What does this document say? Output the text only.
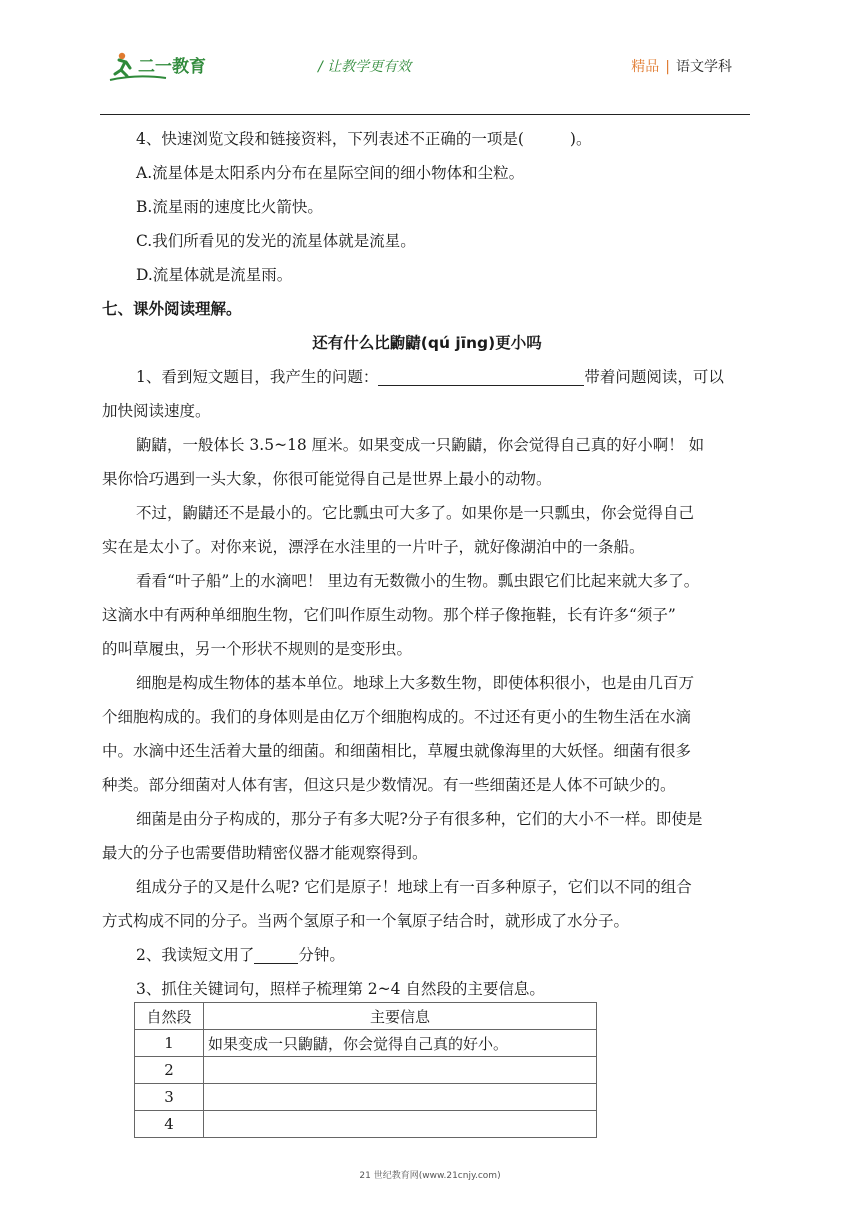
二一教育	/ 让教学更有效	精品 | 语文学科
4、快速浏览文段和链接资料，下列表述不正确的一项是(	)。
A.流星体是太阳系内分布在星际空间的细小物体和尘粒。
B.流星雨的速度比火箭快。
C.我们所看见的发光的流星体就是流星。
D.流星体就是流星雨。
七、课外阅读理解。
还有什么比鼩鼱(qú jīng)更小吗
1、看到短文题目，我产生的问题：	带着问题阅读，可以
加快阅读速度。
鼩鼱，一般体长 3.5~18 厘米。如果变成一只鼩鼱，你会觉得自己真的好小啊！ 如
果你恰巧遇到一头大象，你很可能觉得自己是世界上最小的动物。
不过，鼩鼱还不是最小的。它比瓢虫可大多了。如果你是一只瓢虫，你会觉得自己
实在是太小了。对你来说，漂浮在水洼里的一片叶子，就好像湖泊中的一条船。
看看“叶子船”上的水滴吧！ 里边有无数微小的生物。瓢虫跟它们比起来就大多了。
这滴水中有两种单细胞生物，它们叫作原生动物。那个样子像拖鞋，长有许多“须子”
的叫草履虫，另一个形状不规则的是变形虫。
细胞是构成生物体的基本单位。地球上大多数生物，即使体积很小，也是由几百万
个细胞构成的。我们的身体则是由亿万个细胞构成的。不过还有更小的生物生活在水滴
中。水滴中还生活着大量的细菌。和细菌相比，草履虫就像海里的大妖怪。细菌有很多
种类。部分细菌对人体有害，但这只是少数情况。有一些细菌还是人体不可缺少的。
细菌是由分子构成的，那分子有多大呢?分子有很多种，它们的大小不一样。即使是
最大的分子也需要借助精密仪器才能观察得到。
组成分子的又是什么呢? 它们是原子！地球上有一百多种原子，它们以不同的组合
方式构成不同的分子。当两个氢原子和一个氧原子结合时，就形成了水分子。
2、我读短文用了	分钟。
3、抓住关键词句，照样子梳理第 2~4 自然段的主要信息。
自然段	主要信息
1	如果变成一只鼩鼱，你会觉得自己真的好小。
2	
3	
4	
21 世纪教育网(www.21cnjy.com)
